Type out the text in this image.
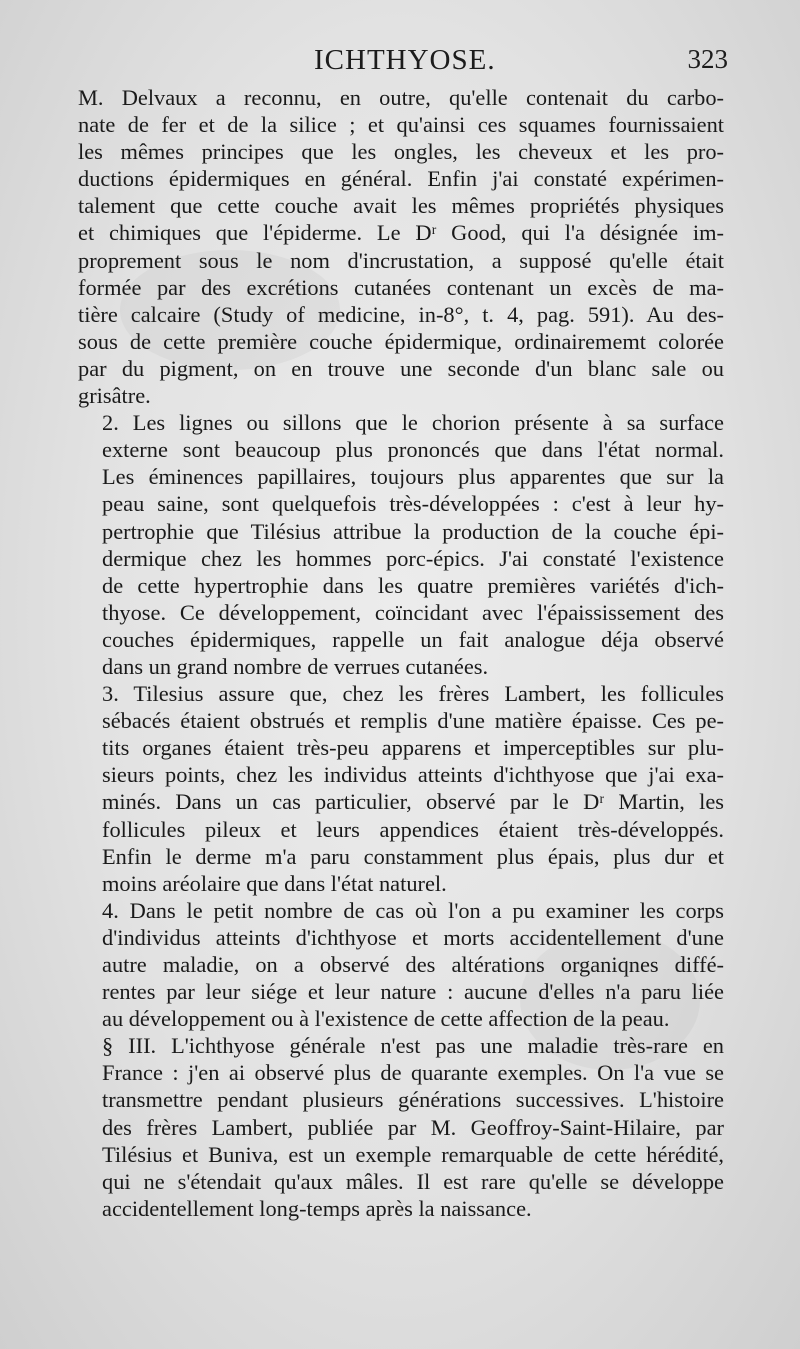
ICHTHYOSE.	323

M. Delvaux a reconnu, en outre, qu'elle contenait du carbo-
nate de fer et de la silice ; et qu'ainsi ces squames fournissaient
les mêmes principes que les ongles, les cheveux et les pro-
ductions épidermiques en général. Enfin j'ai constaté expérimen-
talement que cette couche avait les mêmes propriétés physiques
et chimiques que l'épiderme. Le Dʳ Good, qui l'a désignée im-
proprement sous le nom d'incrustation, a supposé qu'elle était
formée par des excrétions cutanées contenant un excès de ma-
tière calcaire (Study of medicine, in-8°, t. 4, pag. 591). Au des-
sous de cette première couche épidermique, ordinairememt colorée
par du pigment, on en trouve une seconde d'un blanc sale ou
grisâtre.

2. Les lignes ou sillons que le chorion présente à sa surface
externe sont beaucoup plus prononcés que dans l'état normal.
Les éminences papillaires, toujours plus apparentes que sur la
peau saine, sont quelquefois très-développées : c'est à leur hy-
pertrophie que Tilésius attribue la production de la couche épi-
dermique chez les hommes porc-épics. J'ai constaté l'existence
de cette hypertrophie dans les quatre premières variétés d'ich-
thyose. Ce développement, coïncidant avec l'épaississement des
couches épidermiques, rappelle un fait analogue déja observé
dans un grand nombre de verrues cutanées.

3. Tilesius assure que, chez les frères Lambert, les follicules
sébacés étaient obstrués et remplis d'une matière épaisse. Ces pe-
tits organes étaient très-peu apparens et imperceptibles sur plu-
sieurs points, chez les individus atteints d'ichthyose que j'ai exa-
minés. Dans un cas particulier, observé par le Dʳ Martin, les
follicules pileux et leurs appendices étaient très-développés.
Enfin le derme m'a paru constamment plus épais, plus dur et
moins aréolaire que dans l'état naturel.

4. Dans le petit nombre de cas où l'on a pu examiner les corps
d'individus atteints d'ichthyose et morts accidentellement d'une
autre maladie, on a observé des altérations organiqnes diffé-
rentes par leur siége et leur nature : aucune d'elles n'a paru liée
au développement ou à l'existence de cette affection de la peau.

§ III. L'ichthyose générale n'est pas une maladie très-rare en
France : j'en ai observé plus de quarante exemples. On l'a vue se
transmettre pendant plusieurs générations successives. L'histoire
des frères Lambert, publiée par M. Geoffroy-Saint-Hilaire, par
Tilésius et Buniva, est un exemple remarquable de cette hérédité,
qui ne s'étendait qu'aux mâles. Il est rare qu'elle se développe
accidentellement long-temps après la naissance.
